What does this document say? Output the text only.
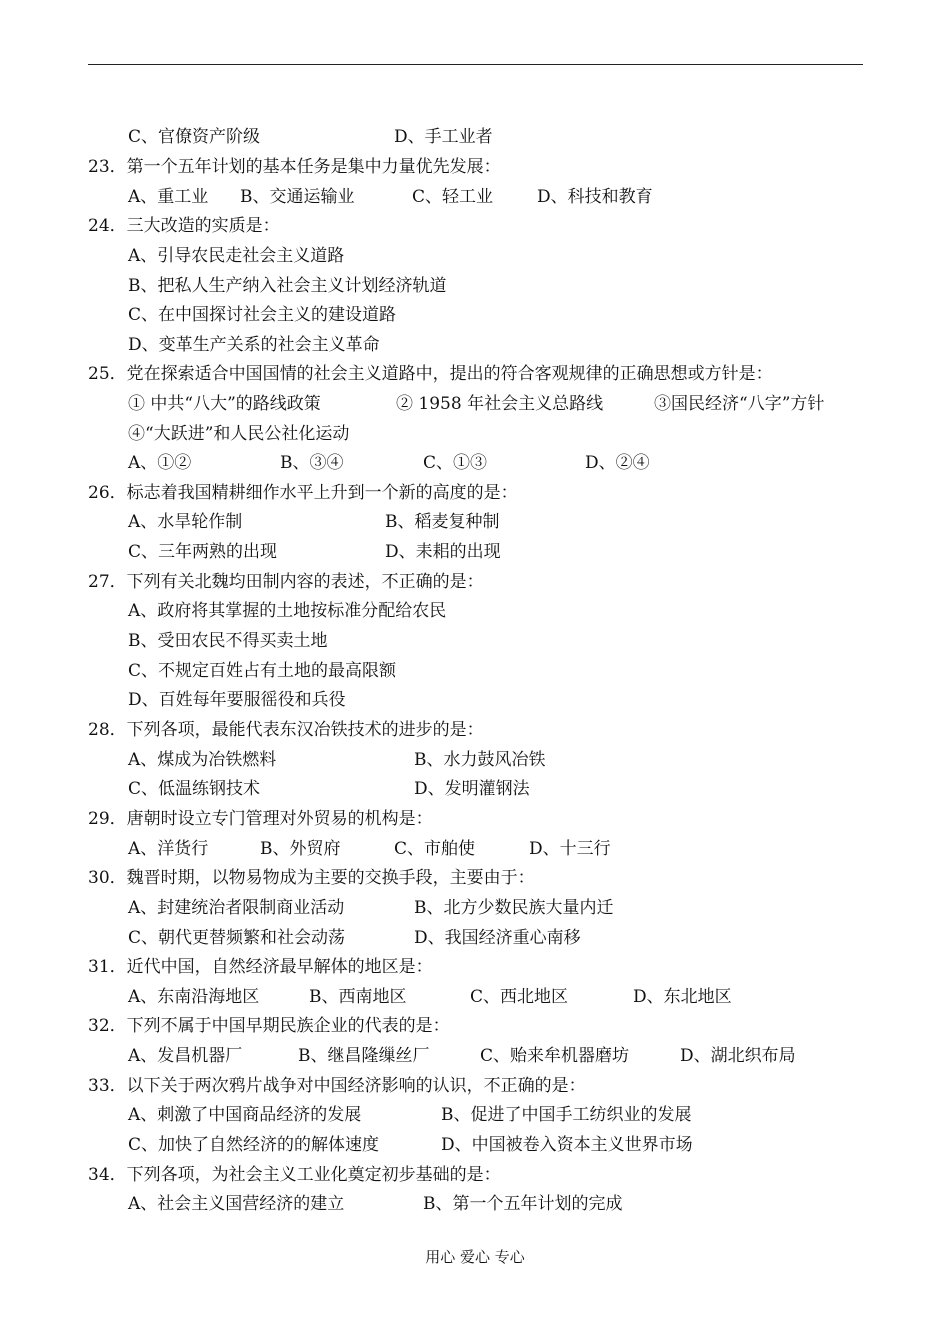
C、官僚资产阶级	D、手工业者
23．第一个五年计划的基本任务是集中力量优先发展：
A、重工业 B、交通运输业	C、轻工业	D、科技和教育
24．三大改造的实质是：
A、引导农民走社会主义道路
B、把私人生产纳入社会主义计划经济轨道
C、在中国探讨社会主义的建设道路
D、变革生产关系的社会主义革命
25．党在探索适合中国国情的社会主义道路中，提出的符合客观规律的正确思想或方针是：
① 中共“八大”的路线政策	② 1958 年社会主义总路线	③国民经济“八字”方针
④“大跃进”和人民公社化运动
A、①②	B、③④	C、①③	D、②④
26．标志着我国精耕细作水平上升到一个新的高度的是：
A、水旱轮作制	B、稻麦复种制
C、三年两熟的出现	D、耒耜的出现
27．下列有关北魏均田制内容的表述，不正确的是：
A、政府将其掌握的土地按标准分配给农民
B、受田农民不得买卖土地
C、不规定百姓占有土地的最高限额
D、百姓每年要服徭役和兵役
28．下列各项，最能代表东汉冶铁技术的进步的是：
A、煤成为冶铁燃料	B、水力鼓风冶铁
C、低温练钢技术	D、发明灌钢法
29．唐朝时设立专门管理对外贸易的机构是：
A、洋货行	B、外贸府	C、市舶使	D、十三行
30．魏晋时期，以物易物成为主要的交换手段，主要由于：
A、封建统治者限制商业活动	B、北方少数民族大量内迁
C、朝代更替频繁和社会动荡	D、我国经济重心南移
31．近代中国，自然经济最早解体的地区是：
A、东南沿海地区	B、西南地区	C、西北地区	D、东北地区
32．下列不属于中国早期民族企业的代表的是：
A、发昌机器厂	B、继昌隆缫丝厂	C、贻来牟机器磨坊	D、湖北织布局
33．以下关于两次鸦片战争对中国经济影响的认识，不正确的是：
A、刺激了中国商品经济的发展	B、促进了中国手工纺织业的发展
C、加快了自然经济的的解体速度	D、中国被卷入资本主义世界市场
34．下列各项，为社会主义工业化奠定初步基础的是：
A、社会主义国营经济的建立	B、第一个五年计划的完成
用心 爱心 专心
